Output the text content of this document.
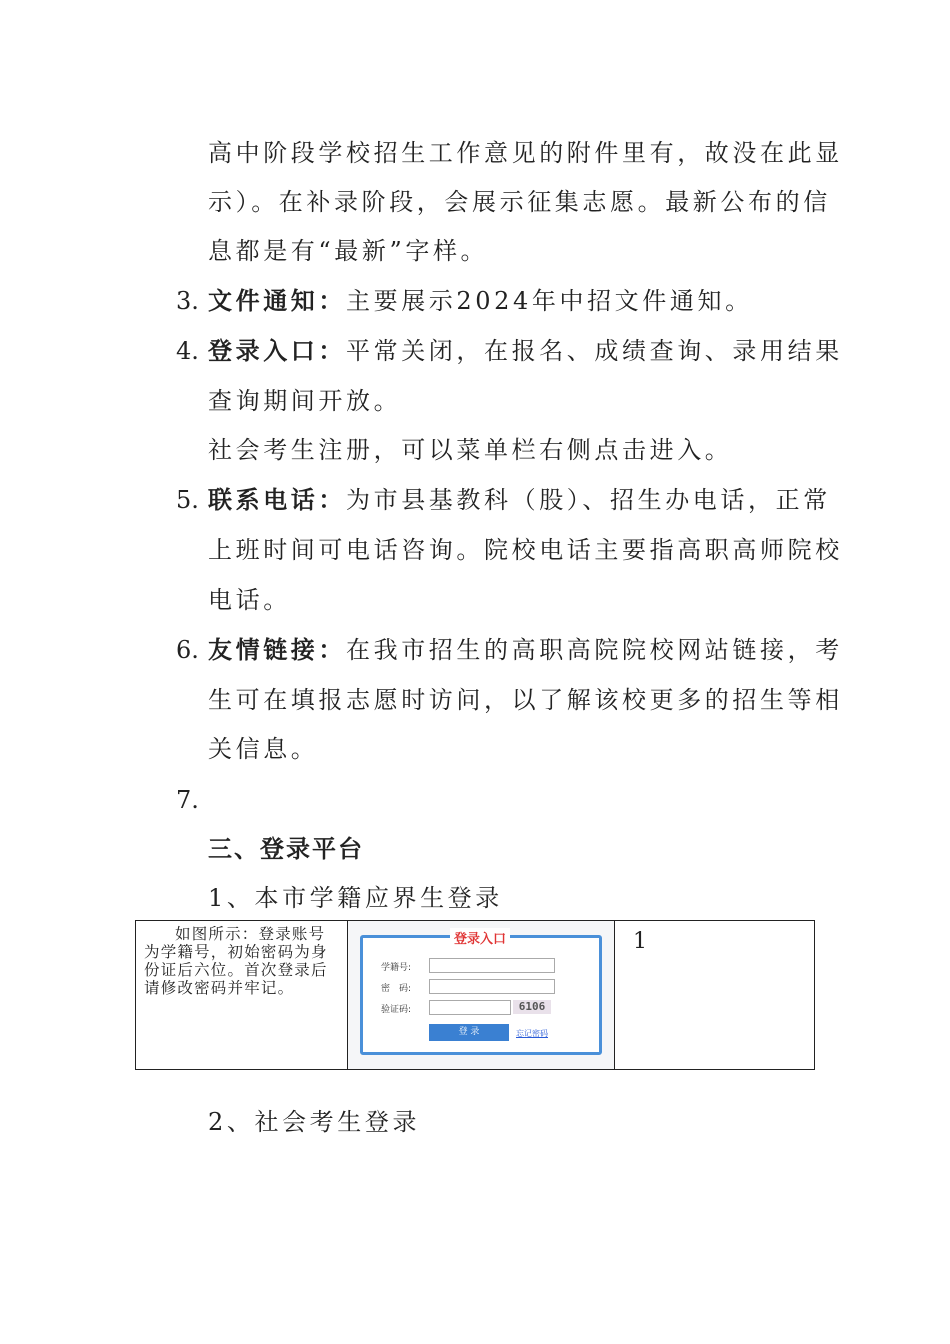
高中阶段学校招生工作意见的附件里有，故没在此显
示）。在补录阶段，会展示征集志愿。最新公布的信
息都是有“最新”字样。
3. 文件通知：主要展示2024年中招文件通知。
4. 登录入口：平常关闭，在报名、成绩查询、录用结果
查询期间开放。
社会考生注册，可以菜单栏右侧点击进入。
5. 联系电话：为市县基教科（股）、招生办电话，正常
上班时间可电话咨询。院校电话主要指高职高师院校
电话。
6. 友情链接：在我市招生的高职高院院校网站链接，考
生可在填报志愿时访问，以了解该校更多的招生等相
关信息。
7.
三、登录平台
1、本市学籍应界生登录
如图所示：登录账号为学籍号，初始密码为身份证后六位。首次登录后请修改密码并牢记。

登录入口
学籍号:
密　码:
验证码:	6106
登 录	忘记密码

1
2、社会考生登录
